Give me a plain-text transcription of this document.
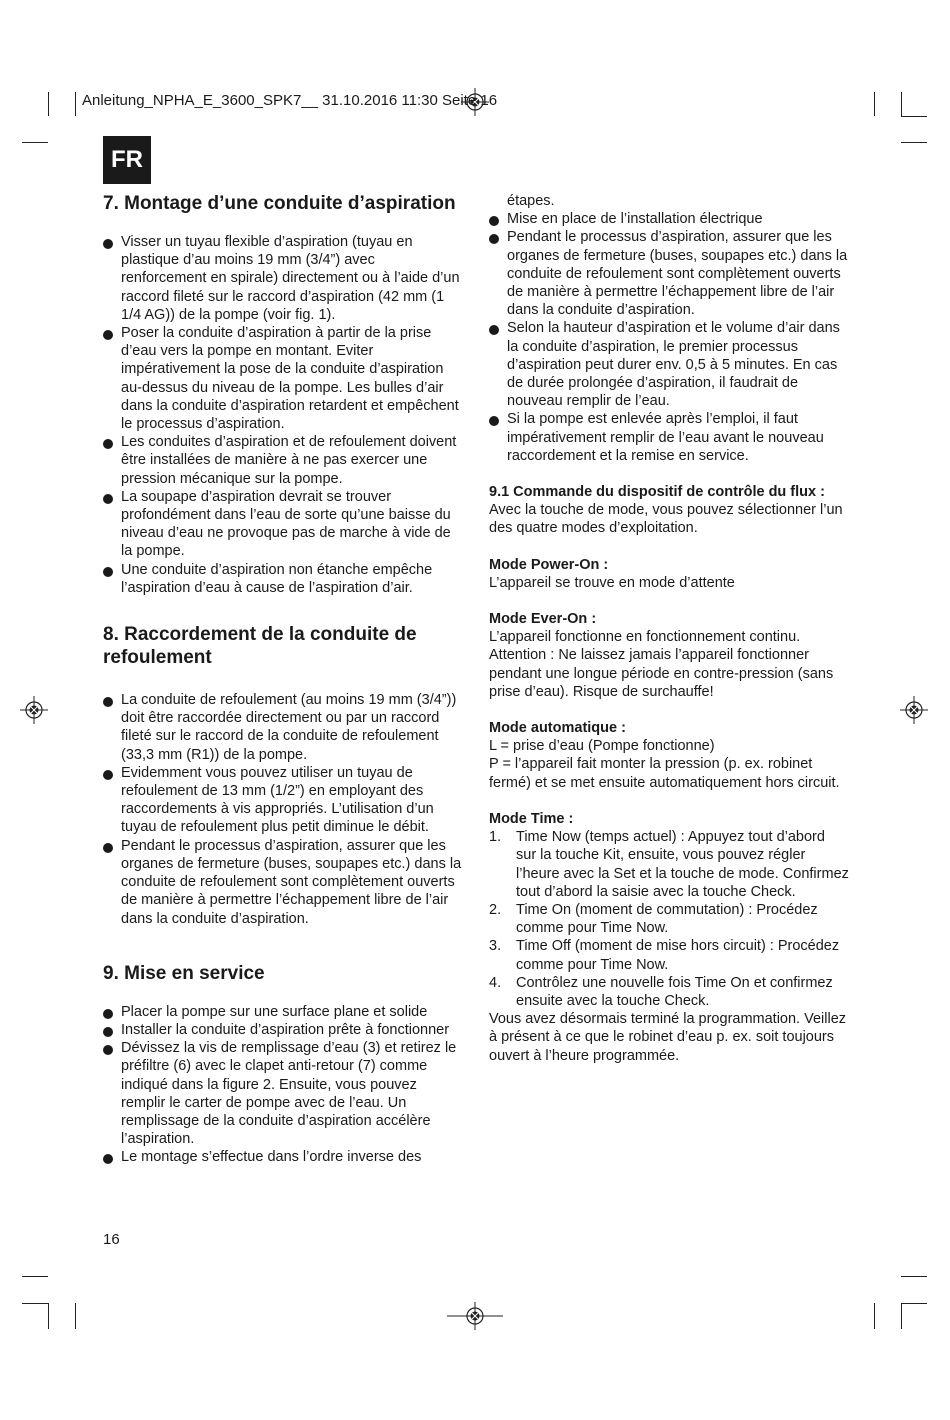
Anleitung_NPHA_E_3600_SPK7__ 31.10.2016 11:30 Seite 16
FR
7. Montage d’une conduite d’aspiration
Visser un tuyau flexible d’aspiration (tuyau en plastique d’au moins 19 mm (3/4”) avec renforcement en spirale) directement ou à l’aide d’un raccord fileté sur le raccord d’aspiration (42 mm (1 1/4 AG)) de la pompe (voir fig. 1).
Poser la conduite d’aspiration à partir de la prise d’eau vers la pompe en montant. Eviter impérativement la pose de la conduite d’aspiration au-dessus du niveau de la pompe. Les bulles d’air dans la conduite d’aspiration retardent et empêchent le processus d’aspiration.
Les conduites d’aspiration et de refoulement doivent être installées de manière à ne pas exercer une pression mécanique sur la pompe.
La soupape d’aspiration devrait se trouver profondément dans l’eau de sorte qu’une baisse du niveau d’eau ne provoque pas de marche à vide de la pompe.
Une conduite d’aspiration non étanche empêche l’aspiration d’eau à cause de l’aspiration d’air.
8. Raccordement de la conduite de refoulement
La conduite de refoulement (au moins 19 mm (3/4”)) doit être raccordée directement ou par un raccord fileté sur le raccord de la conduite de refoulement (33,3 mm (R1)) de la pompe.
Evidemment vous pouvez utiliser un tuyau de refoulement de 13 mm (1/2”) en employant des raccordements à vis appropriés. L’utilisation d’un tuyau de refoulement plus petit diminue le débit.
Pendant le processus d’aspiration, assurer que les organes de fermeture (buses, soupapes etc.) dans la conduite de refoulement sont complètement ouverts de manière à permettre l’échappement libre de l’air dans la conduite d’aspiration.
9. Mise en service
Placer la pompe sur une surface plane et solide
Installer la conduite d’aspiration prête à fonctionner
Dévissez la vis de remplissage d’eau (3) et retirez le préfiltre (6) avec le clapet anti-retour (7) comme indiqué dans la figure 2. Ensuite, vous pouvez remplir le carter de pompe avec de l’eau. Un remplissage de la conduite d’aspiration accélère l’aspiration.
Le montage s’effectue dans l’ordre inverse des

étapes.

Mise en place de l’installation électrique
Pendant le processus d’aspiration, assurer que les organes de fermeture (buses, soupapes etc.) dans la conduite de refoulement sont complètement ouverts de manière à permettre l’échappement libre de l’air dans la conduite d’aspiration.
Selon la hauteur d’aspiration et le volume d’air dans la conduite d’aspiration, le premier processus d’aspiration peut durer env. 0,5 à 5 minutes. En cas de durée prolongée d’aspiration, il faudrait de nouveau remplir de l’eau.
Si la pompe est enlevée après l’emploi, il faut impérativement remplir de l’eau avant le nouveau raccordement et la remise en service.

9.1 Commande du dispositif de contrôle du flux :

Avec la touche de mode, vous pouvez sélectionner l’un des quatre modes d’exploitation.

Mode Power-On :

L’appareil se trouve en mode d’attente

Mode Ever-On :

L’appareil fonctionne en fonctionnement continu. Attention : Ne laissez jamais l’appareil fonctionner pendant une longue période en contre-pression (sans prise d’eau). Risque de surchauffe!

Mode automatique :

L = prise d’eau (Pompe fonctionne)

P = l’appareil fait monter la pression (p. ex. robinet fermé) et se met ensuite automatiquement hors circuit.

Mode Time :

1. Time Now (temps actuel) : Appuyez tout d’abord sur la touche Kit, ensuite, vous pouvez régler l’heure avec la Set et la touche de mode. Confirmez tout d’abord la saisie avec la touche Check.
2. Time On (moment de commutation) : Procédez comme pour Time Now.
3. Time Off (moment de mise hors circuit) : Procédez comme pour Time Now.
4. Contrôlez une nouvelle fois Time On et confirmez ensuite avec la touche Check.

Vous avez désormais terminé la programmation. Veillez à présent à ce que le robinet d’eau p. ex. soit toujours ouvert à l’heure programmée.

16
